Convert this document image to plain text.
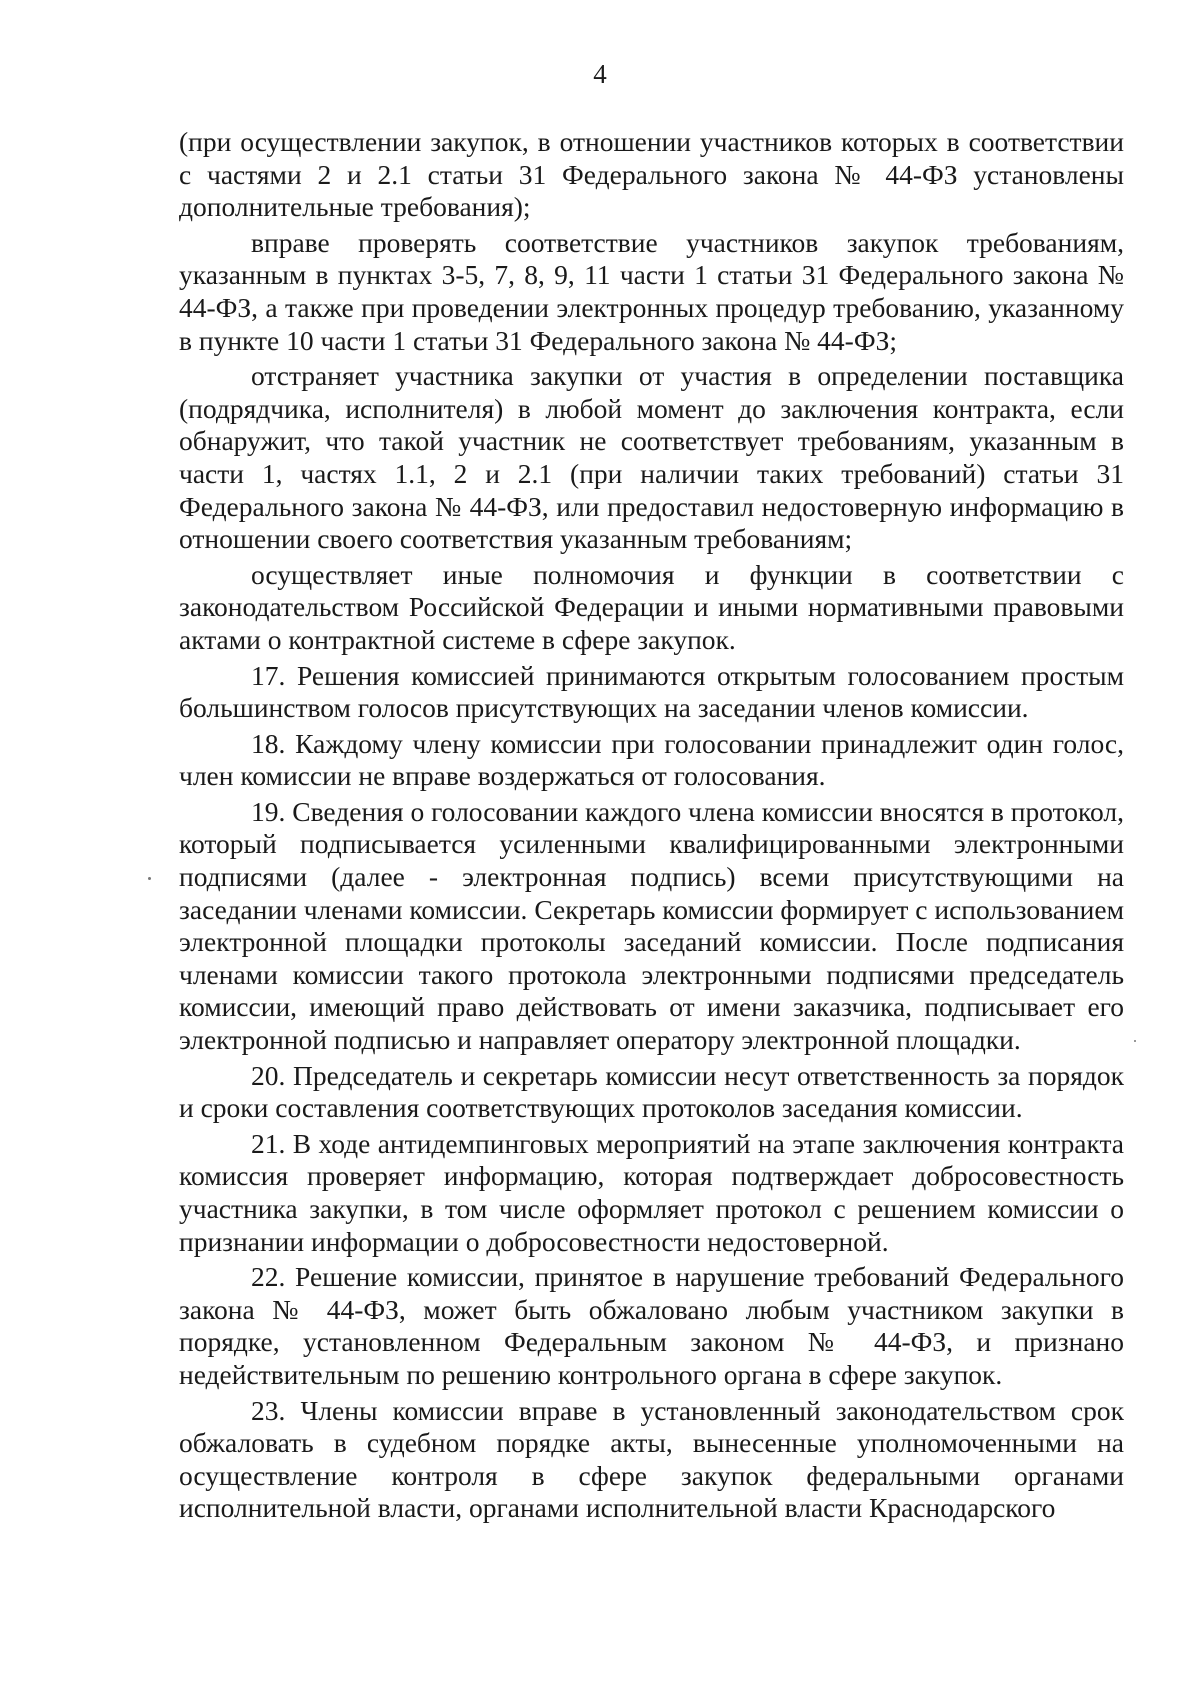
4

(при осуществлении закупок, в отношении участников которых в соответствии с частями 2 и 2.1 статьи 31 Федерального закона № 44-ФЗ установлены дополнительные требования);

вправе проверять соответствие участников закупок требованиям, указанным в пунктах 3-5, 7, 8, 9, 11 части 1 статьи 31 Федерального закона № 44-ФЗ, а также при проведении электронных процедур требованию, указанному в пункте 10 части 1 статьи 31 Федерального закона № 44-ФЗ;

отстраняет участника закупки от участия в определении поставщика (подрядчика, исполнителя) в любой момент до заключения контракта, если обнаружит, что такой участник не соответствует требованиям, указанным в части 1, частях 1.1, 2 и 2.1 (при наличии таких требований) статьи 31 Федерального закона № 44-ФЗ, или предоставил недостоверную информацию в отношении своего соответствия указанным требованиям;

осуществляет иные полномочия и функции в соответствии с законодательством Российской Федерации и иными нормативными правовыми актами о контрактной системе в сфере закупок.

17. Решения комиссией принимаются открытым голосованием простым большинством голосов присутствующих на заседании членов комиссии.

18. Каждому члену комиссии при голосовании принадлежит один голос, член комиссии не вправе воздержаться от голосования.

19. Сведения о голосовании каждого члена комиссии вносятся в протокол, который подписывается усиленными квалифицированными электронными подписями (далее - электронная подпись) всеми присутствующими на заседании членами комиссии. Секретарь комиссии формирует с использованием электронной площадки протоколы заседаний комиссии. После подписания членами комиссии такого протокола электронными подписями председатель комиссии, имеющий право действовать от имени заказчика, подписывает его электронной подписью и направляет оператору электронной площадки.

20. Председатель и секретарь комиссии несут ответственность за порядок и сроки составления соответствующих протоколов заседания комиссии.

21. В ходе антидемпинговых мероприятий на этапе заключения контракта комиссия проверяет информацию, которая подтверждает добросовестность участника закупки, в том числе оформляет протокол с решением комиссии о признании информации о добросовестности недостоверной.

22. Решение комиссии, принятое в нарушение требований Федерального закона № 44-ФЗ, может быть обжаловано любым участником закупки в порядке, установленном Федеральным законом № 44-ФЗ, и признано недействительным по решению контрольного органа в сфере закупок.

23. Члены комиссии вправе в установленный законодательством срок обжаловать в судебном порядке акты, вынесенные уполномоченными на осуществление контроля в сфере закупок федеральными органами исполнительной власти, органами исполнительной власти Краснодарского
